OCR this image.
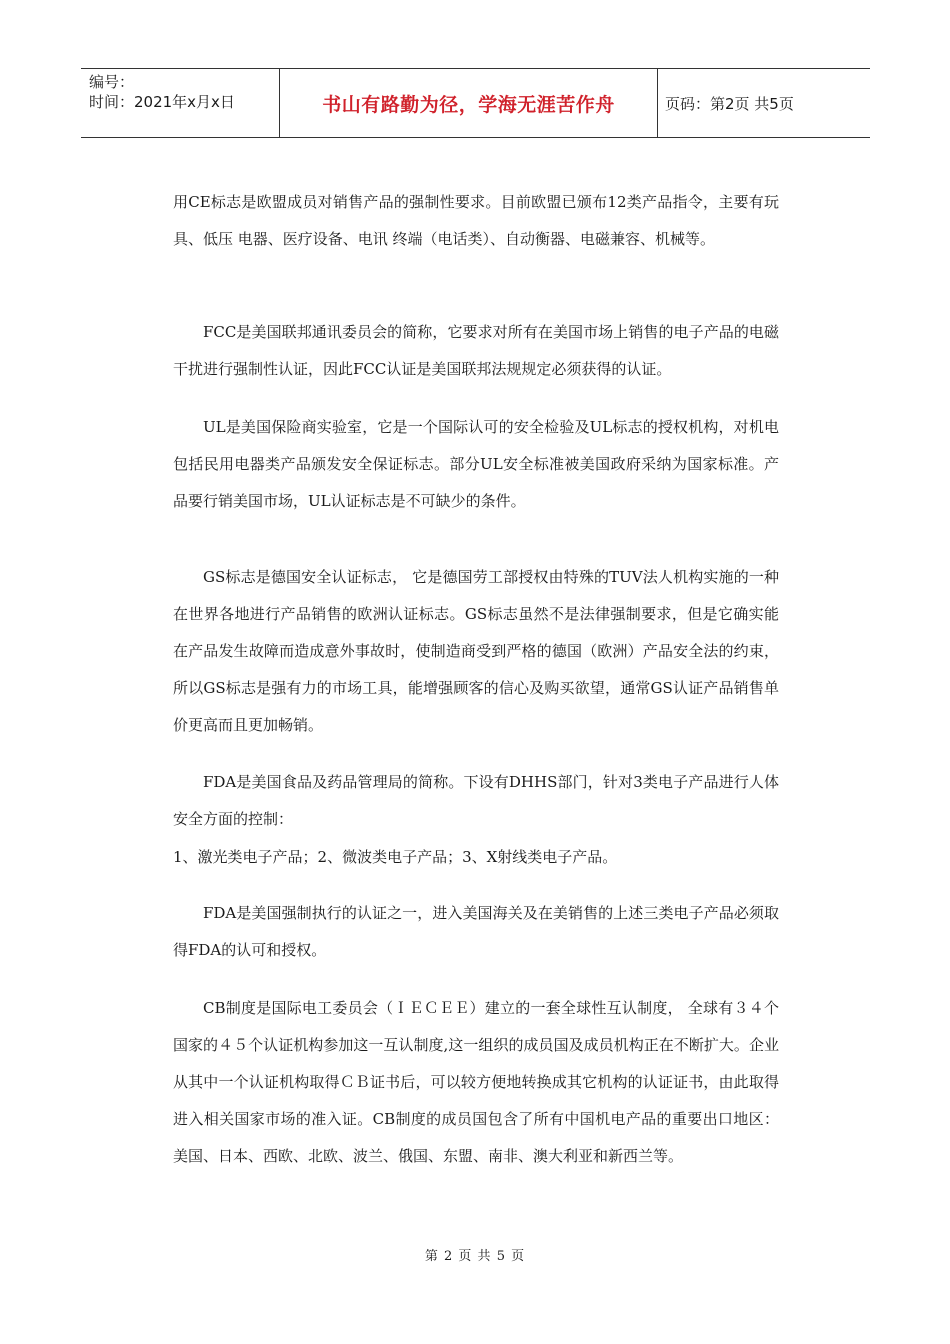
编号：
时间：2021年x月x日	书山有路勤为径，学海无涯苦作舟	页码：第2页 共5页

用CE标志是欧盟成员对销售产品的强制性要求。目前欧盟已颁布12类产品指令，主要有玩具、低压 电器、医疗设备、电讯 终端（电话类）、自动衡器、电磁兼容、机械等。

FCC是美国联邦通讯委员会的简称，它要求对所有在美国市场上销售的电子产品的电磁干扰进行强制性认证，因此FCC认证是美国联邦法规规定必须获得的认证。

UL是美国保险商实验室，它是一个国际认可的安全检验及UL标志的授权机构，对机电包括民用电器类产品颁发安全保证标志。部分UL安全标准被美国政府采纳为国家标准。产品要行销美国市场，UL认证标志是不可缺少的条件。

GS标志是德国安全认证标志， 它是德国劳工部授权由特殊的TUV法人机构实施的一种在世界各地进行产品销售的欧洲认证标志。GS标志虽然不是法律强制要求，但是它确实能在产品发生故障而造成意外事故时，使制造商受到严格的德国（欧洲）产品安全法的约束，所以GS标志是强有力的市场工具，能增强顾客的信心及购买欲望，通常GS认证产品销售单价更高而且更加畅销。

FDA是美国食品及药品管理局的简称。下设有DHHS部门，针对3类电子产品进行人体安全方面的控制：

1、激光类电子产品；2、微波类电子产品；3、X射线类电子产品。

FDA是美国强制执行的认证之一，进入美国海关及在美销售的上述三类电子产品必须取得FDA的认可和授权。

CB制度是国际电工委员会（ＩＥＣＥＥ）建立的一套全球性互认制度， 全球有３４个国家的４５个认证机构参加这一互认制度,这一组织的成员国及成员机构正在不断扩大。企业从其中一个认证机构取得ＣＢ证书后，可以较方便地转换成其它机构的认证证书，由此取得进入相关国家市场的准入证。CB制度的成员国包含了所有中国机电产品的重要出口地区：美国、日本、西欧、北欧、波兰、俄国、东盟、南非、澳大利亚和新西兰等。

第 2 页 共 5 页
